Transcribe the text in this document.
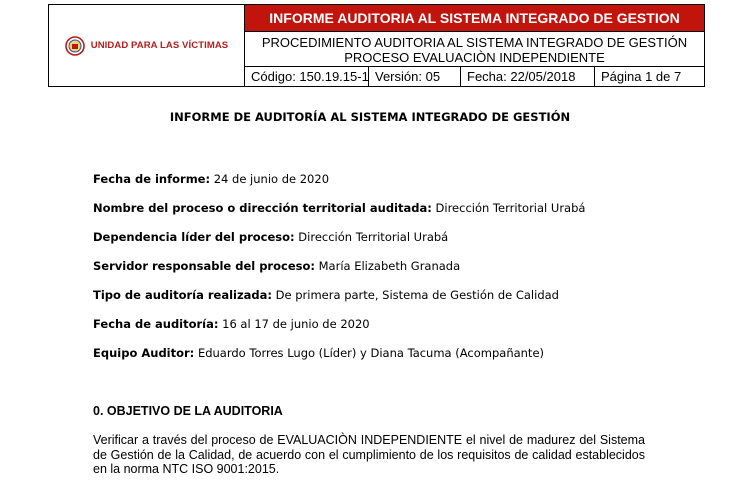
UNIDAD PARA LAS VÍCTIMAS
INFORME AUDITORIA AL SISTEMA INTEGRADO DE GESTION
PROCEDIMIENTO AUDITORIA AL SISTEMA INTEGRADO DE GESTIÓN
PROCESO EVALUACIÒN INDEPENDIENTE
Código: 150.19.15-1 Versión: 05	Fecha: 22/05/2018	Página 1 de 7
INFORME DE AUDITORÍA AL SISTEMA INTEGRADO DE GESTIÓN
Fecha de informe: 24 de junio de 2020
Nombre del proceso o dirección territorial auditada: Dirección Territorial Urabá
Dependencia líder del proceso: Dirección Territorial Urabá
Servidor responsable del proceso: María Elizabeth Granada
Tipo de auditoría realizada: De primera parte, Sistema de Gestión de Calidad
Fecha de auditoría: 16 al 17 de junio de 2020
Equipo Auditor: Eduardo Torres Lugo (Líder) y Diana Tacuma (Acompañante)
0. OBJETIVO DE LA AUDITORIA
Verificar a través del proceso de EVALUACIÒN INDEPENDIENTE el nivel de madurez del Sistema de Gestión de la Calidad, de acuerdo con el cumplimiento de los requisitos de calidad establecidos en la norma NTC ISO 9001:2015.
